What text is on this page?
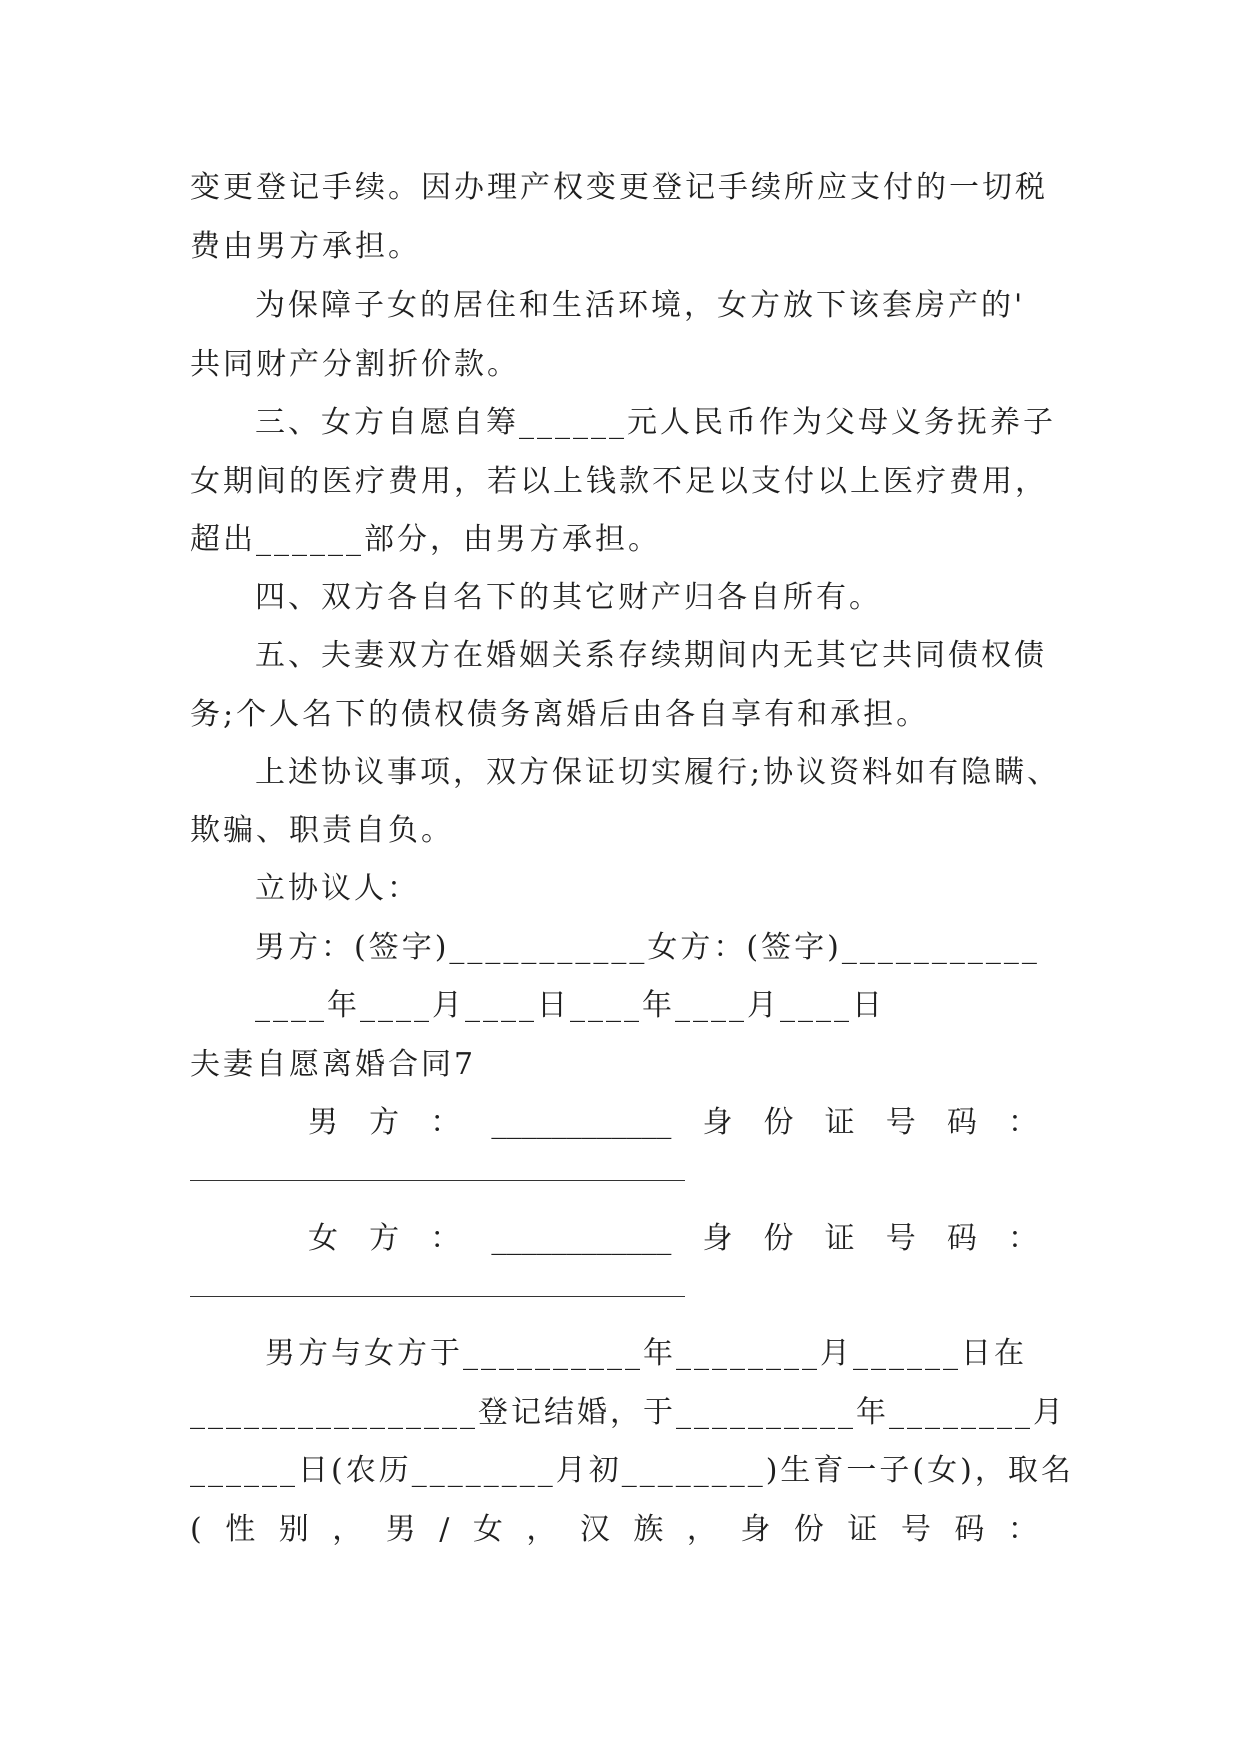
变更登记手续。因办理产权变更登记手续所应支付的一切税
费由男方承担。
为保障子女的居住和生活环境，女方放下该套房产的'
共同财产分割折价款。
三、女方自愿自筹______元人民币作为父母义务抚养子
女期间的医疗费用，若以上钱款不足以支付以上医疗费用，
超出______部分，由男方承担。
四、双方各自名下的其它财产归各自所有。
五、夫妻双方在婚姻关系存续期间内无其它共同债权债
务;个人名下的债权债务离婚后由各自享有和承担。
上述协议事项，双方保证切实履行;协议资料如有隐瞒、
欺骗、职责自负。
立协议人：
男方：(签字)___________女方：(签字)___________
____年____月____日____年____月____日
夫妻自愿离婚合同7
男 方 ： ____________ 身 份 证 号 码 ：
女 方 ： ____________ 身 份 证 号 码 ：
男方与女方于__________年________月______日在
________________登记结婚，于__________年________月
______日(农历________月初________)生育一子(女)，取名
( 性 别 ， 男 / 女 ， 汉 族 ， 身 份 证 号 码 ：
